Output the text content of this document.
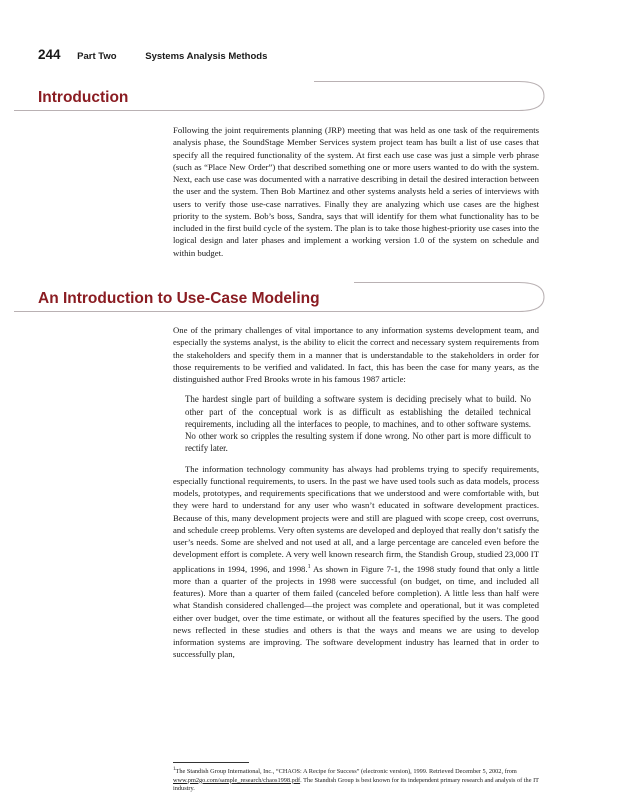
244 Part Two	Systems Analysis Methods
Introduction

Following the joint requirements planning (JRP) meeting that was held as one task of the requirements analysis phase, the SoundStage Member Services system project team has built a list of use cases that specify all the required functionality of the system. At first each use case was just a simple verb phrase (such as “Place New Order”) that described something one or more users wanted to do with the system. Next, each use case was documented with a narrative describing in detail the desired interaction between the user and the system. Then Bob Martinez and other systems analysts held a series of interviews with users to verify those use-case narratives. Finally they are analyzing which use cases are the highest priority to the system. Bob’s boss, Sandra, says that will identify for them what functionality has to be included in the first build cycle of the system. The plan is to take those highest-priority use cases into the logical design and later phases and implement a working version 1.0 of the system on schedule and within budget.

An Introduction to Use-Case Modeling

One of the primary challenges of vital importance to any information systems development team, and especially the systems analyst, is the ability to elicit the correct and necessary system requirements from the stakeholders and specify them in a manner that is understandable to the stakeholders in order for those requirements to be verified and validated. In fact, this has been the case for many years, as the distinguished author Fred Brooks wrote in his famous 1987 article:

The hardest single part of building a software system is deciding precisely what to build. No other part of the conceptual work is as difficult as establishing the detailed technical requirements, including all the interfaces to people, to machines, and to other software systems. No other work so cripples the resulting system if done wrong. No other part is more difficult to rectify later.

The information technology community has always had problems trying to specify requirements, especially functional requirements, to users. In the past we have used tools such as data models, process models, prototypes, and requirements specifications that we understood and were comfortable with, but they were hard to understand for any user who wasn’t educated in software development practices. Because of this, many development projects were and still are plagued with scope creep, cost overruns, and schedule creep problems. Very often systems are developed and deployed that really don’t satisfy the user’s needs. Some are shelved and not used at all, and a large percentage are canceled even before the development effort is complete. A very well known research firm, the Standish Group, studied 23,000 IT applications in 1994, 1996, and 1998.$^1$ As shown in Figure 7-1, the 1998 study found that only a little more than a quarter of the projects in 1998 were successful (on budget, on time, and included all features). More than a quarter of them failed (canceled before completion). A little less than half were what Standish considered challenged—the project was complete and operational, but it was completed either over budget, over the time estimate, or without all the features specified by the users. The good news reflected in these studies and others is that the ways and means we are using to develop information systems are improving. The software development industry has learned that in order to successfully plan,

$^1$The Standish Group International, Inc., “CHAOS: A Recipe for Success” (electronic version), 1999. Retrieved December 5, 2002, from www.pm2go.com/sample_research/chaos1998.pdf. The Standish Group is best known for its independent primary research and analysis of the IT industry.
